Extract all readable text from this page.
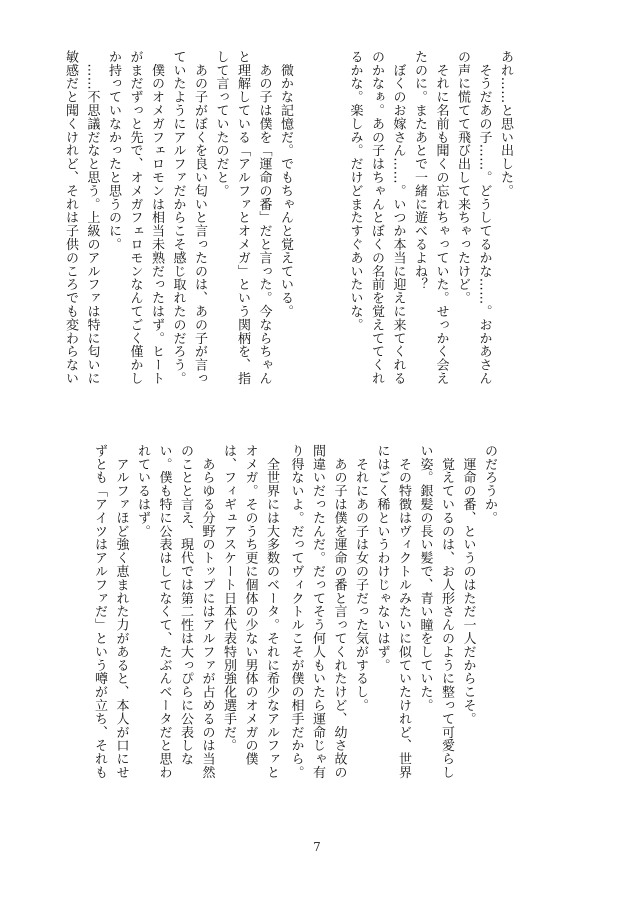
あれ……と思い出した。
　そうだあの子……。どうしてるかな……。おかあさん
の声に慌てて飛び出して来ちゃったけど。
　それに名前も聞くの忘れちゃっていた。せっかく会え
たのに。またあとで一緒に遊べるよね？
　ぼくのお嫁さん……。いつか本当に迎えに来てくれる
のかなぁ。あの子はちゃんとぼくの名前を覚えててくれ
るかな。楽しみ。だけどまたすぐあいたいな。
　微かな記憶だ。でもちゃんと覚えている。
　あの子は僕を「運命の番」だと言った。今ならちゃん
と理解している「アルファとオメガ」という関柄を、指
して言っていたのだと。
　あの子がぼくを良い匂いと言ったのは、あの子が言っ
ていたようにアルファだからこそ感じ取れたのだろう。
　僕のオメガフェロモンは相当未熟だったはず。ヒート
がまだずっと先で、オメガフェロモンなんてごく僅かし
か持っていなかったと思うのに。
　……不思議だなと思う。上級のアルファは特に匂いに
敏感だと聞くけれど、それは子供のころでも変わらない
のだろうか。
　運命の番、というのはただ一人だからこそ。
　覚えているのは、お人形さんのように整って可愛らし
い姿。銀髪の長い髪で、青い瞳をしていた。
　その特徴はヴィクトルみたいに似ていたけれど、世界
にはごく稀というわけじゃないはず。
　それにあの子は女の子だった気がするし。
　あの子は僕を運命の番と言ってくれたけど、幼さ故の
間違いだったんだ。だってそう何人もいたら運命じゃ有
り得ないよ。だってヴィクトルこそが僕の相手だから。
　全世界には大多数のベータ。それに希少なアルファと
オメガ。そのうち更に個体の少ない男体のオメガの僕
は、フィギュアスケート日本代表特別強化選手だ。
　あらゆる分野のトップにはアルファが占めるのは当然
のことと言え、現代では第二性は大っぴらに公表しな
い。僕も特に公表はしてなくて、たぶんベータだと思わ
れているはず。
　アルファほど強く恵まれた力があると、本人が口にせ
ずとも「アイツはアルファだ」という噂が立ち、それも
7
